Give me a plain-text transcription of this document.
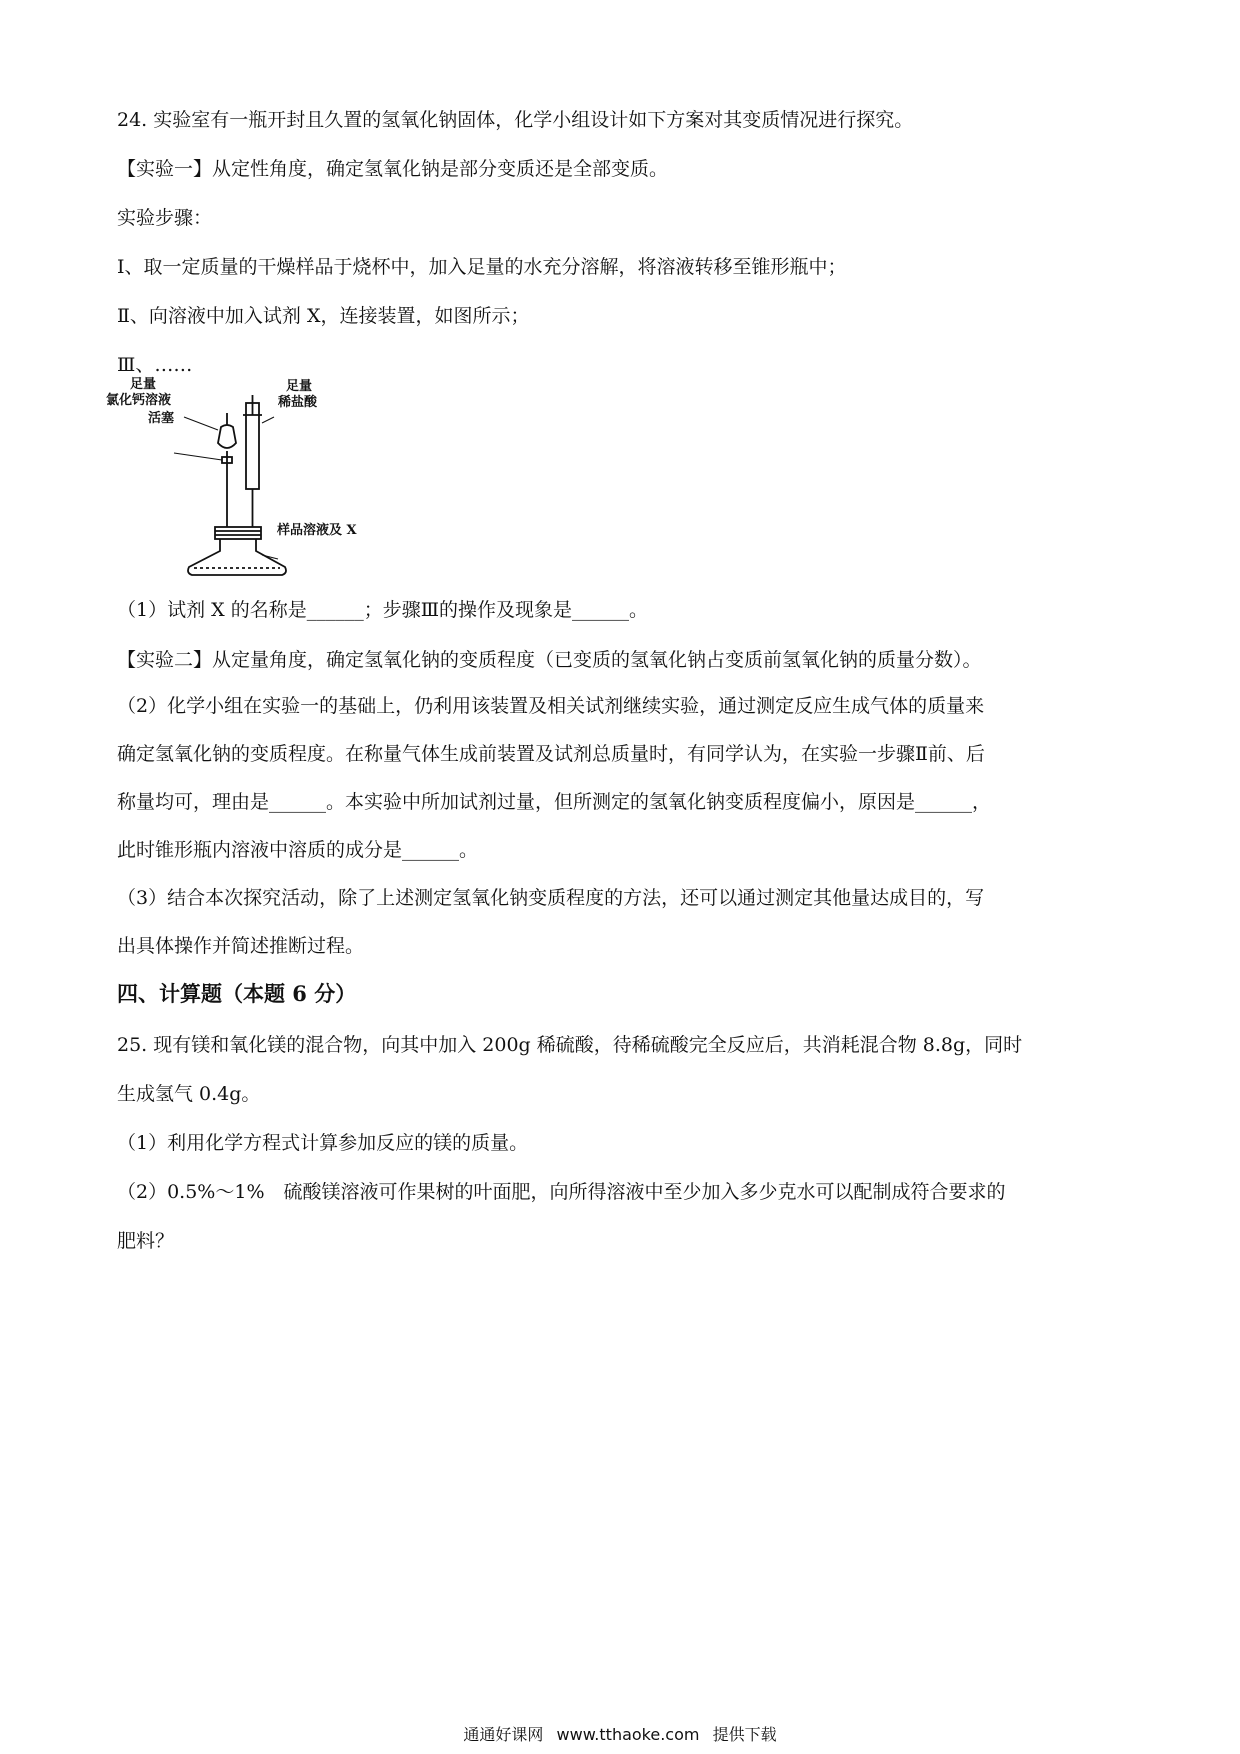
24. 实验室有一瓶开封且久置的氢氧化钠固体，化学小组设计如下方案对其变质情况进行探究。
【实验一】从定性角度，确定氢氧化钠是部分变质还是全部变质。
实验步骤：
Ⅰ、取一定质量的干燥样品于烧杯中，加入足量的水充分溶解，将溶液转移至锥形瓶中；
Ⅱ、向溶液中加入试剂 X，连接装置，如图所示；
Ⅲ、……
足量
氯化钙溶液
活塞
足量
稀盐酸
样品溶液及 X
（1）试剂 X 的名称是______；步骤Ⅲ的操作及现象是______。
【实验二】从定量角度，确定氢氧化钠的变质程度（已变质的氢氧化钠占变质前氢氧化钠的质量分数）。
（2）化学小组在实验一的基础上，仍利用该装置及相关试剂继续实验，通过测定反应生成气体的质量来
确定氢氧化钠的变质程度。在称量气体生成前装置及试剂总质量时，有同学认为，在实验一步骤Ⅱ前、后
称量均可，理由是______。本实验中所加试剂过量，但所测定的氢氧化钠变质程度偏小，原因是______，
此时锥形瓶内溶液中溶质的成分是______。
（3）结合本次探究活动，除了上述测定氢氧化钠变质程度的方法，还可以通过测定其他量达成目的，写
出具体操作并简述推断过程。
四、计算题（本题 6 分）
25. 现有镁和氧化镁的混合物，向其中加入 200g 稀硫酸，待稀硫酸完全反应后，共消耗混合物 8.8g，同时
生成氢气 0.4g。
（1）利用化学方程式计算参加反应的镁的质量。
（2）0.5%～1%　硫酸镁溶液可作果树的叶面肥，向所得溶液中至少加入多少克水可以配制成符合要求的
肥料？
通通好课网 www.tthaoke.com 提供下载
